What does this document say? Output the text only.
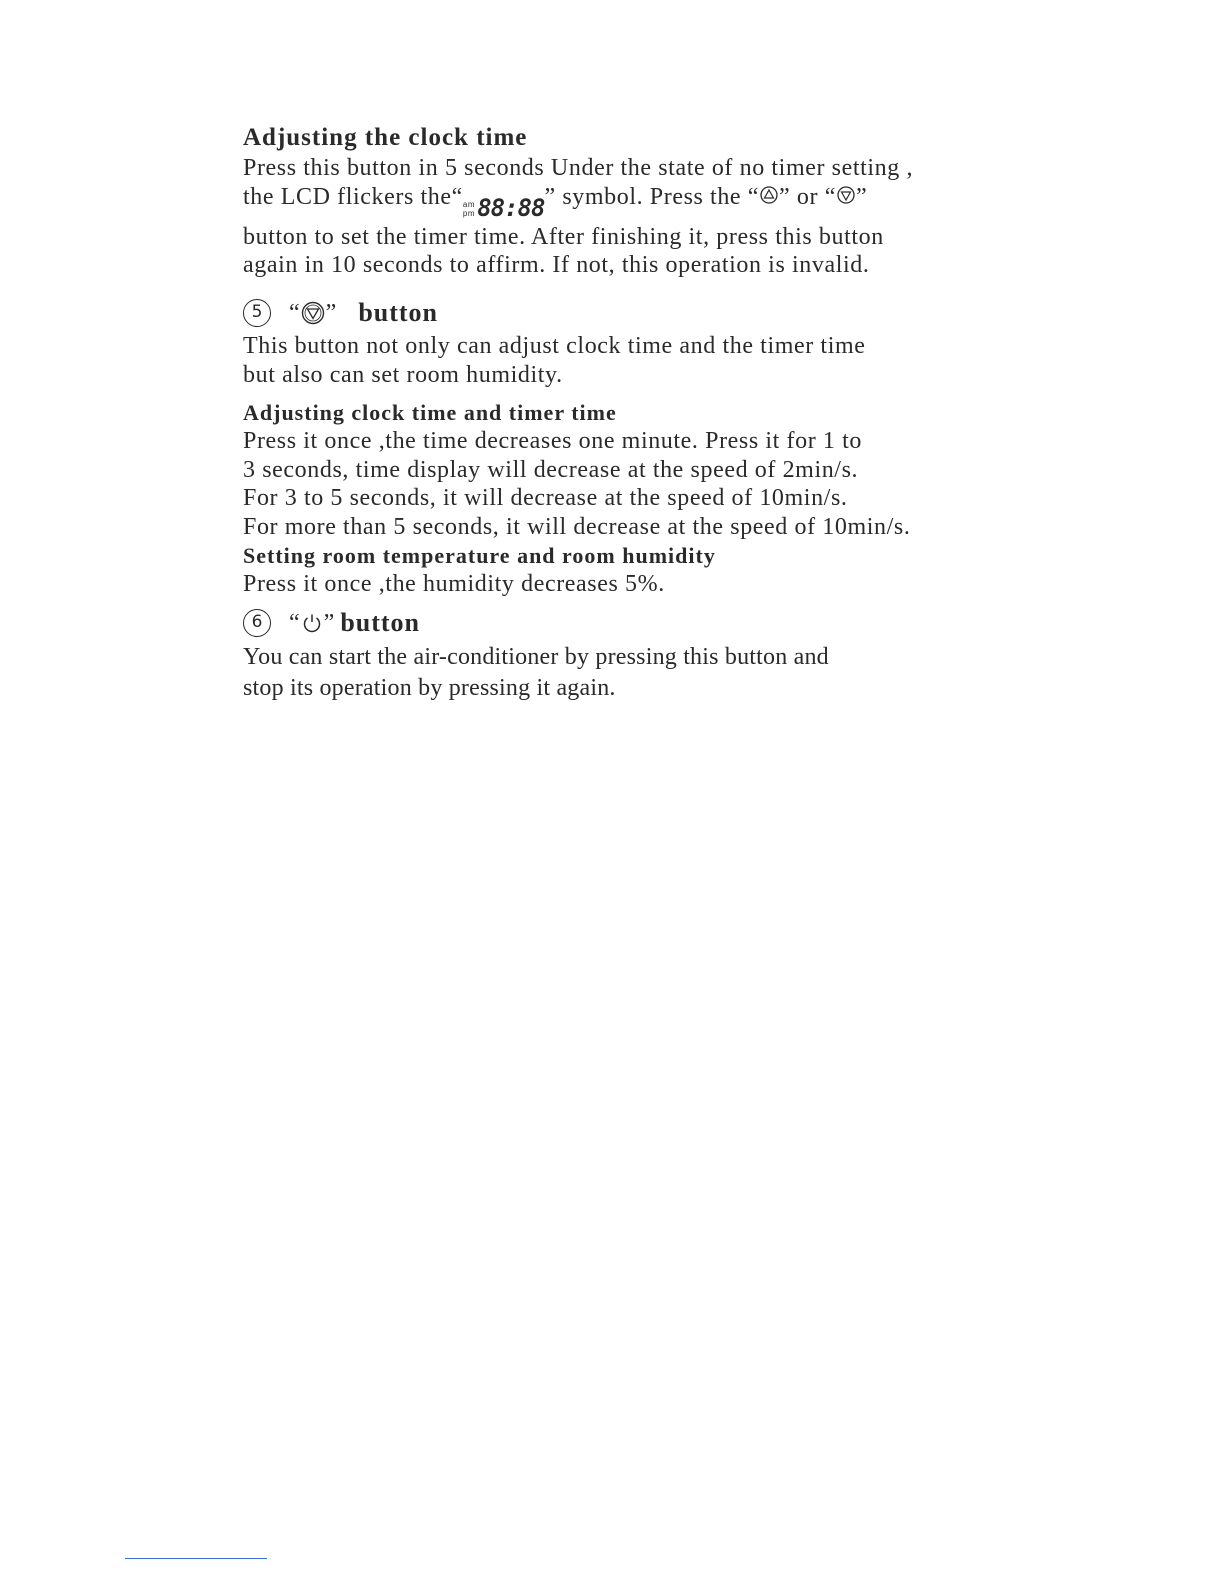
Adjusting the clock time

Press this button in 5 seconds Under the state of no timer setting ,

the LCD flickers the“ am
pm 88:88 ” symbol. Press the “ ” or “ ”

button to set the timer time. After finishing it, press this button

again in 10 seconds to affirm. If not, this operation is invalid.

5	“ ” button

This button not only can adjust clock time and the timer time

but also can set room humidity.

Adjusting clock time and timer time

Press it once ,the time decreases one minute. Press it for 1 to

3 seconds, time display will decrease at the speed of 2min/s.

For 3 to 5 seconds, it will decrease at the speed of 10min/s.

For more than 5 seconds, it will decrease at the speed of 10min/s.

Setting room temperature and room humidity

Press it once ,the humidity decreases 5%.

6	“ ” button

You can start the air-conditioner by pressing this button and

stop its operation by pressing it again.
